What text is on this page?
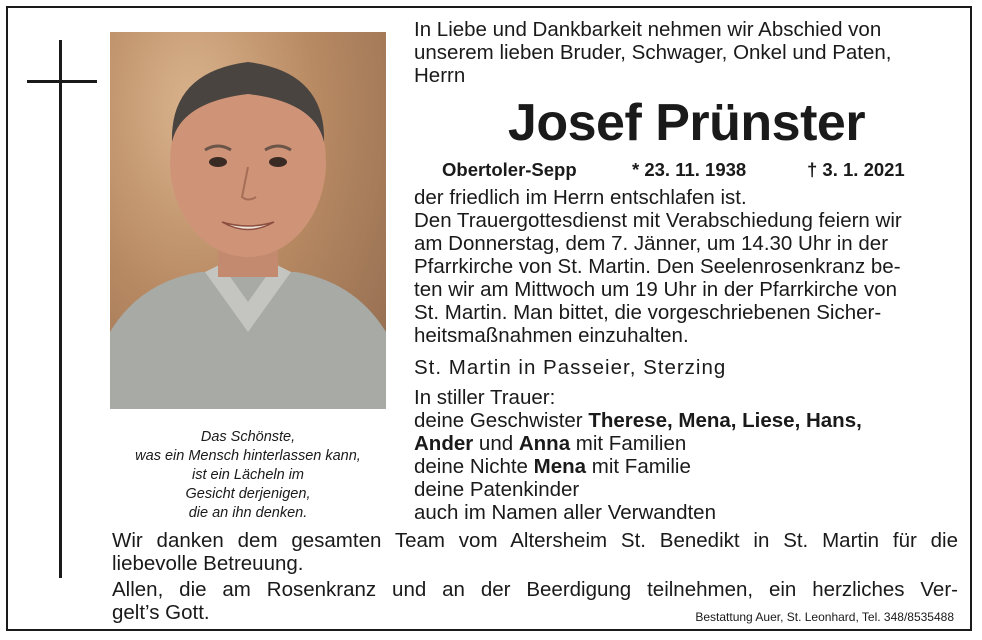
Das Schönste,
was ein Mensch hinterlassen kann,
ist ein Lächeln im
Gesicht derjenigen,
die an ihn denken.
In Liebe und Dankbarkeit nehmen wir Abschied von
unserem lieben Bruder, Schwager, Onkel und Paten,
Herrn
Josef Prünster
Obertoler-Sepp	* 23. 11. 1938	† 3. 1. 2021
der friedlich im Herrn entschlafen ist.
Den Trauergottesdienst mit Verabschiedung feiern wir
am Donnerstag, dem 7. Jänner, um 14.30 Uhr in der
Pfarrkirche von St. Martin. Den Seelenrosenkranz be-
ten wir am Mittwoch um 19 Uhr in der Pfarrkirche von
St. Martin. Man bittet, die vorgeschriebenen Sicher-
heitsmaßnahmen einzuhalten.
St. Martin in Passeier, Sterzing
In stiller Trauer:
deine Geschwister Therese, Mena, Liese, Hans,
Ander und Anna mit Familien
deine Nichte Mena mit Familie
deine Patenkinder
auch im Namen aller Verwandten
Wir danken dem gesamten Team vom Altersheim St. Benedikt in St. Martin für die
liebevolle Betreuung.
Allen, die am Rosenkranz und an der Beerdigung teilnehmen, ein herzliches Ver-
gelt’s Gott.	Bestattung Auer, St. Leonhard, Tel. 348/8535488
